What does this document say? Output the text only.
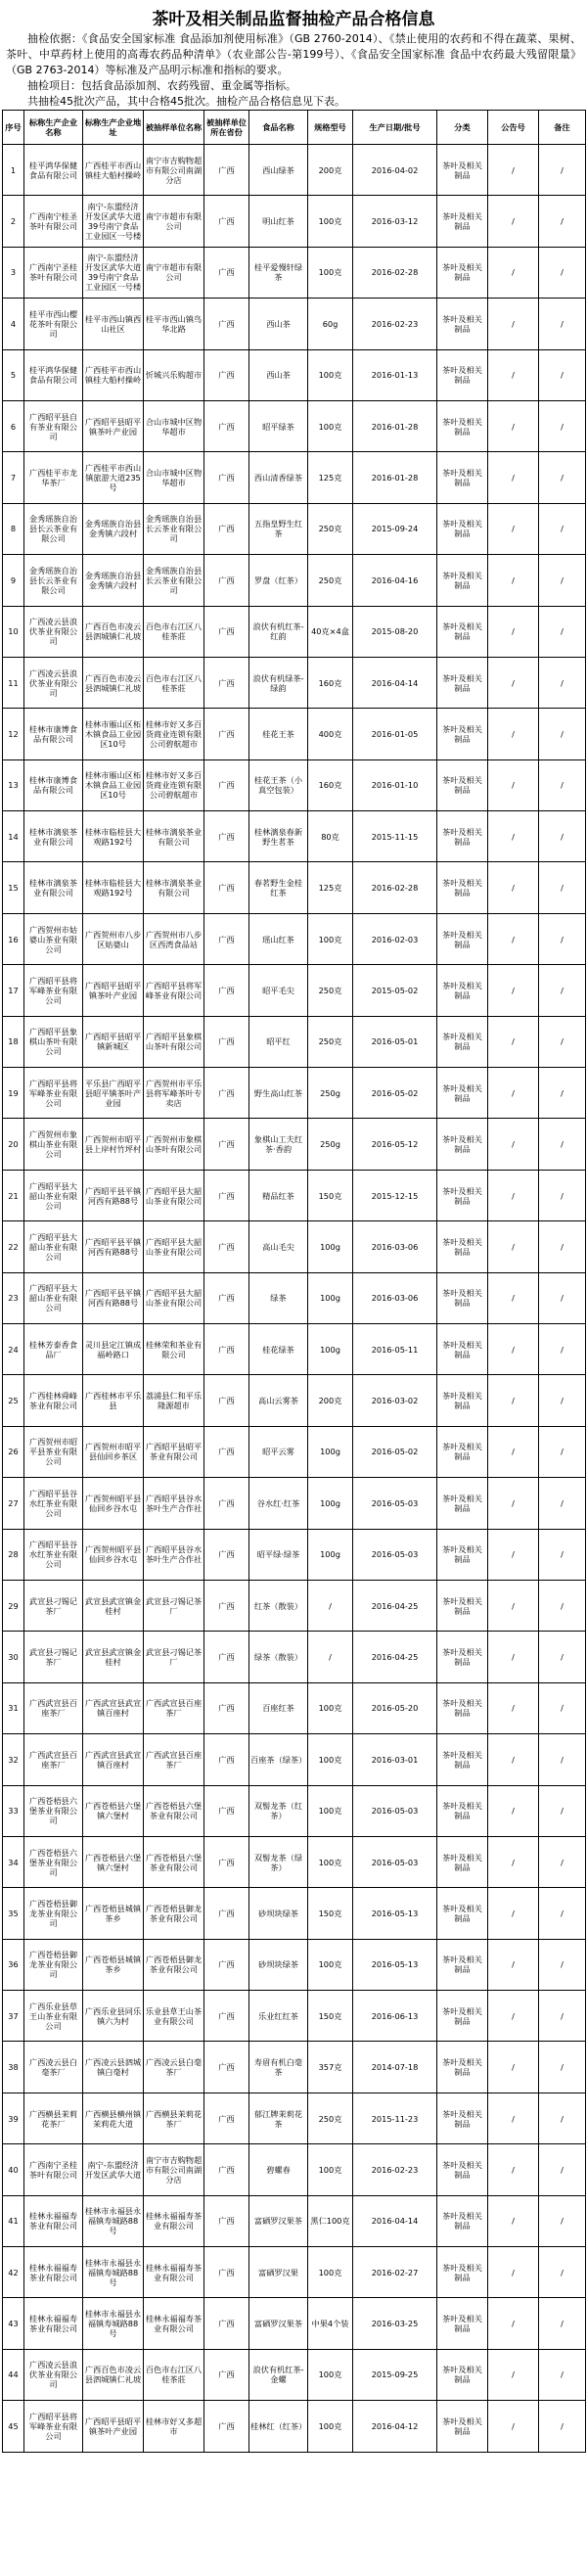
茶叶及相关制品监督抽检产品合格信息

抽检依据：《食品安全国家标准 食品添加剂使用标准》（GB 2760-2014）、《禁止使用的农药和不得在蔬菜、果树、茶叶、中草药材上使用的高毒农药品种清单》（农业部公告-第199号）、《食品安全国家标准 食品中农药最大残留限量》（GB 2763-2014）等标准及产品明示标准和指标的要求。

抽检项目：包括食品添加剂、农药残留、重金属等指标。

共抽检45批次产品，其中合格45批次。抽检产品合格信息见下表。

序号	标称生产企业名称	标称生产企业地址	被抽样单位名称	被抽样单位所在省份	食品名称	规格型号	生产日期/批号	分类	公告号	备注
1	桂平鸿华保健食品有限公司	广西桂平市西山镇桂大船村操岭	南宁市吉购物超市有限公司南湖分店	广西	西山绿茶	200克	2016-04-02	茶叶及相关制品	/	/
2	广西南宁桂圣茶叶有限公司	南宁-东盟经济开发区武华大道39号南宁食品工业园区一号楼	南宁市超市有限公司	广西	明山红茶	100克	2016-03-12	茶叶及相关制品	/	/
3	广西南宁圣桂茶叶有限公司	南宁-东盟经济开发区武华大道39号南宁食品工业园区一号楼	南宁市超市有限公司	广西	桂平爱慢轩绿茶	100克	2016-02-28	茶叶及相关制品	/	/
4	桂平市西山樱花茶叶有限公司	桂平市西山镇西山社区	桂平市西山镇鸟华北路	广西	西山茶	60g	2016-02-23	茶叶及相关制品	/	/
5	桂平鸿华保健食品有限公司	广西桂平市西山镇桂大船村操岭	忻城兴乐购超市	广西	西山茶	100克	2016-01-13	茶叶及相关制品	/	/
6	广西昭平县自有茶业有限公司	广西昭平县昭平镇茶叶产业园	合山市城中区物华超市	广西	昭平绿茶	100克	2016-01-28	茶叶及相关制品	/	/
7	广西桂平市龙华茶厂	广西桂平市西山镇旅游大道235号	合山市城中区物华超市	广西	西山清香绿茶	125克	2016-01-28	茶叶及相关制品	/	/
8	金秀瑶族自治县长云茶业有限公司	金秀瑶族自治县金秀镇六段村	金秀瑶族自治县长云茶业有限公司	广西	五指皇野生红茶	250克	2015-09-24	茶叶及相关制品	/	/
9	金秀瑶族自治县长云茶业有限公司	金秀瑶族自治县金秀镇六段村	金秀瑶族自治县长云茶业有限公司	广西	罗盘（红茶）	250克	2016-04-16	茶叶及相关制品	/	/
10	广西凌云县浪伏茶业有限公司	广西百色市凌云县泗城镇仁礼坡	百色市右江区八桂茶莊	广西	浪伏有机红茶-红韵	40克×4盒	2015-08-20	茶叶及相关制品	/	/
11	广西凌云县浪伏茶业有限公司	广西百色市凌云县泗城镇仁礼坡	百色市右江区八桂茶莊	广西	浪伏有机绿茶-绿韵	160克	2016-04-14	茶叶及相关制品	/	/
12	桂林市康博食品有限公司	桂林市雁山区柘木镇食品工业园区10号	桂林市好又多百货商业连锁有限公司碧航超市	广西	桂花王茶	400克	2016-01-05	茶叶及相关制品	/	/
13	桂林市康博食品有限公司	桂林市雁山区柘木镇食品工业园区10号	桂林市好又多百货商业连锁有限公司碧航超市	广西	桂花王茶（小真空包装）	160克	2016-01-10	茶叶及相关制品	/	/
14	桂林市漓泉茶业有限公司	桂林市临桂县大观路192号	桂林市漓泉茶业有限公司	广西	桂林漓泉春新野生茗茶	80克	2015-11-15	茶叶及相关制品	/	/
15	桂林市漓泉茶业有限公司	桂林市临桂县大观路192号	桂林市漓泉茶业有限公司	广西	春茗野生金桂红茶	125克	2016-02-28	茶叶及相关制品	/	/
16	广西贺州市姑婆山茶业有限公司	广西贺州市八步区姑婆山	广西贺州市八步区西湾食品站	广西	瑶山红茶	100克	2016-02-03	茶叶及相关制品	/	/
17	广西昭平县将军峰茶业有限公司	广西昭平县昭平镇茶叶产业园	广西昭平县将军峰茶业有限公司	广西	昭平毛尖	250克	2015-05-02	茶叶及相关制品	/	/
18	广西昭平县象棋山茶叶有限公司	广西昭平县昭平镇新城区	广西昭平县象棋山茶叶有限公司	广西	昭平红	250克	2016-05-01	茶叶及相关制品	/	/
19	广西昭平县将军峰茶业有限公司	平乐县广西昭平县昭平镇茶叶产业园	广西贺州市平乐县将军峰茶叶专卖店	广西	野生高山红茶	250g	2016-05-02	茶叶及相关制品	/	/
20	广西贺州市象棋山茶业有限公司	广西贺州市昭平县上岸村竹坪村	广西贺州市象棋山茶叶有限公司	广西	象棋山工夫红茶·香韵	250g	2016-05-12	茶叶及相关制品	/	/
21	广西昭平县大韶山茶业有限公司	广西昭平县平镇河西有路88号	广西昭平县大韶山茶业有限公司	广西	精品红茶	150克	2015-12-15	茶叶及相关制品	/	/
22	广西昭平县大韶山茶业有限公司	广西昭平县平镇河西有路88号	广西昭平县大韶山茶业有限公司	广西	高山毛尖	100g	2016-03-06	茶叶及相关制品	/	/
23	广西昭平县大韶山茶业有限公司	广西昭平县平镇河西有路88号	广西昭平县大韶山茶业有限公司	广西	绿茶	100g	2016-03-06	茶叶及相关制品	/	/
24	桂林芳泰香食品厂	灵川县定江镇成福岭路口	桂林荣和茶业有限公司	广西	桂花绿茶	100g	2016-05-11	茶叶及相关制品	/	/
25	广西桂林舜峰茶业有限公司	广西桂林市平乐县	荔浦县仁和平乐隆源超市	广西	高山云雾茶	200克	2016-03-02	茶叶及相关制品	/	/
26	广西贺州市昭平县茶业有限公司	广西贺州市昭平县仙回乡茶区	广西昭平县昭平茶业有限公司	广西	昭平云雾	100g	2016-05-02	茶叶及相关制品	/	/
27	广西昭平县谷水红茶业有限公司	广西贺州昭平县仙回乡谷水屯	广西昭平县谷水茶叶生产合作社	广西	谷水红·红茶	100g	2016-05-03	茶叶及相关制品	/	/
28	广西昭平县谷水红茶业有限公司	广西贺州昭平县仙回乡谷水屯	广西昭平县谷水茶叶生产合作社	广西	昭平绿·绿茶	100g	2016-05-03	茶叶及相关制品	/	/
29	武宣县刁锡记茶厂	武宣县武宣镇金桂村	武宣县刁锡记茶厂	广西	红茶（散装）	/	2016-04-25	茶叶及相关制品	/	/
30	武宣县刁锡记茶厂	武宣县武宣镇金桂村	武宣县刁锡记茶厂	广西	绿茶（散装）	/	2016-04-25	茶叶及相关制品	/	/
31	广西武宣县百座茶厂	广西武宣县武宣镇百座村	广西武宣县百座茶厂	广西	百座红茶	100克	2016-05-20	茶叶及相关制品	/	/
32	广西武宣县百座茶厂	广西武宣县武宣镇百座村	广西武宣县百座茶厂	广西	百座茶（绿茶）	100克	2016-03-01	茶叶及相关制品	/	/
33	广西苍梧县六堡茶业有限公司	广西苍梧县六堡镇六堡村	广西苍梧县六堡茶业有限公司	广西	双髻龙茶（红茶）	100克	2016-05-03	茶叶及相关制品	/	/
34	广西苍梧县六堡茶业有限公司	广西苍梧县六堡镇六堡村	广西苍梧县六堡茶业有限公司	广西	双髻龙茶（绿茶）	100克	2016-05-03	茶叶及相关制品	/	/
35	广西苍梧县御龙茶业有限公司	广西苍梧县城镇茶乡	广西苍梧县御龙茶业有限公司	广西	砂坝块绿茶	150克	2016-05-13	茶叶及相关制品	/	/
36	广西苍梧县御龙茶业有限公司	广西苍梧县城镇茶乡	广西苍梧县御龙茶业有限公司	广西	砂坝块绿茶	100克	2016-05-13	茶叶及相关制品	/	/
37	广西乐业县草王山茶业有限公司	广西乐业县同乐镇六为村	乐业县草王山茶业有限公司	广西	乐业红红茶	150克	2016-06-13	茶叶及相关制品	/	/
38	广西凌云县白毫茶厂	广西凌云县泗城镇白毫村	广西凌云县白毫茶厂	广西	寿眉有机白毫茶	357克	2014-07-18	茶叶及相关制品	/	/
39	广西横县茉莉花茶厂	广西横县横州镇茉莉花大道	广西横县茉莉花茶厂	广西	郁江牌茉莉花茶	250克	2015-11-23	茶叶及相关制品	/	/
40	广西南宁圣桂茶叶有限公司	南宁-东盟经济开发区武华大道	南宁市吉购物超市有限公司南湖分店	广西	碧螺春	100克	2016-02-23	茶叶及相关制品	/	/
41	桂林永福福寿茶业有限公司	桂林市永福县永福镇寿城路88号	桂林永福福寿茶业有限公司	广西	富硒罗汉果茶	黑仁100克	2016-04-14	茶叶及相关制品	/	/
42	桂林永福福寿茶业有限公司	桂林市永福县永福镇寿城路88号	桂林永福福寿茶业有限公司	广西	富硒罗汉果	100克	2016-02-27	茶叶及相关制品	/	/
43	桂林永福福寿茶业有限公司	桂林市永福县永福镇寿城路88号	桂林永福福寿茶业有限公司	广西	富硒罗汉果茶	中果4个装	2016-03-25	茶叶及相关制品	/	/
44	广西凌云县浪伏茶业有限公司	广西百色市凌云县泗城镇仁礼坡	百色市右江区八桂茶莊	广西	浪伏有机红茶-金螺	100克	2015-09-25	茶叶及相关制品	/	/
45	广西昭平县将军峰茶业有限公司	广西昭平县昭平镇茶叶产业园	桂林市好又多超市	广西	桂林红（红茶）	100克	2016-04-12	茶叶及相关制品	/	/
